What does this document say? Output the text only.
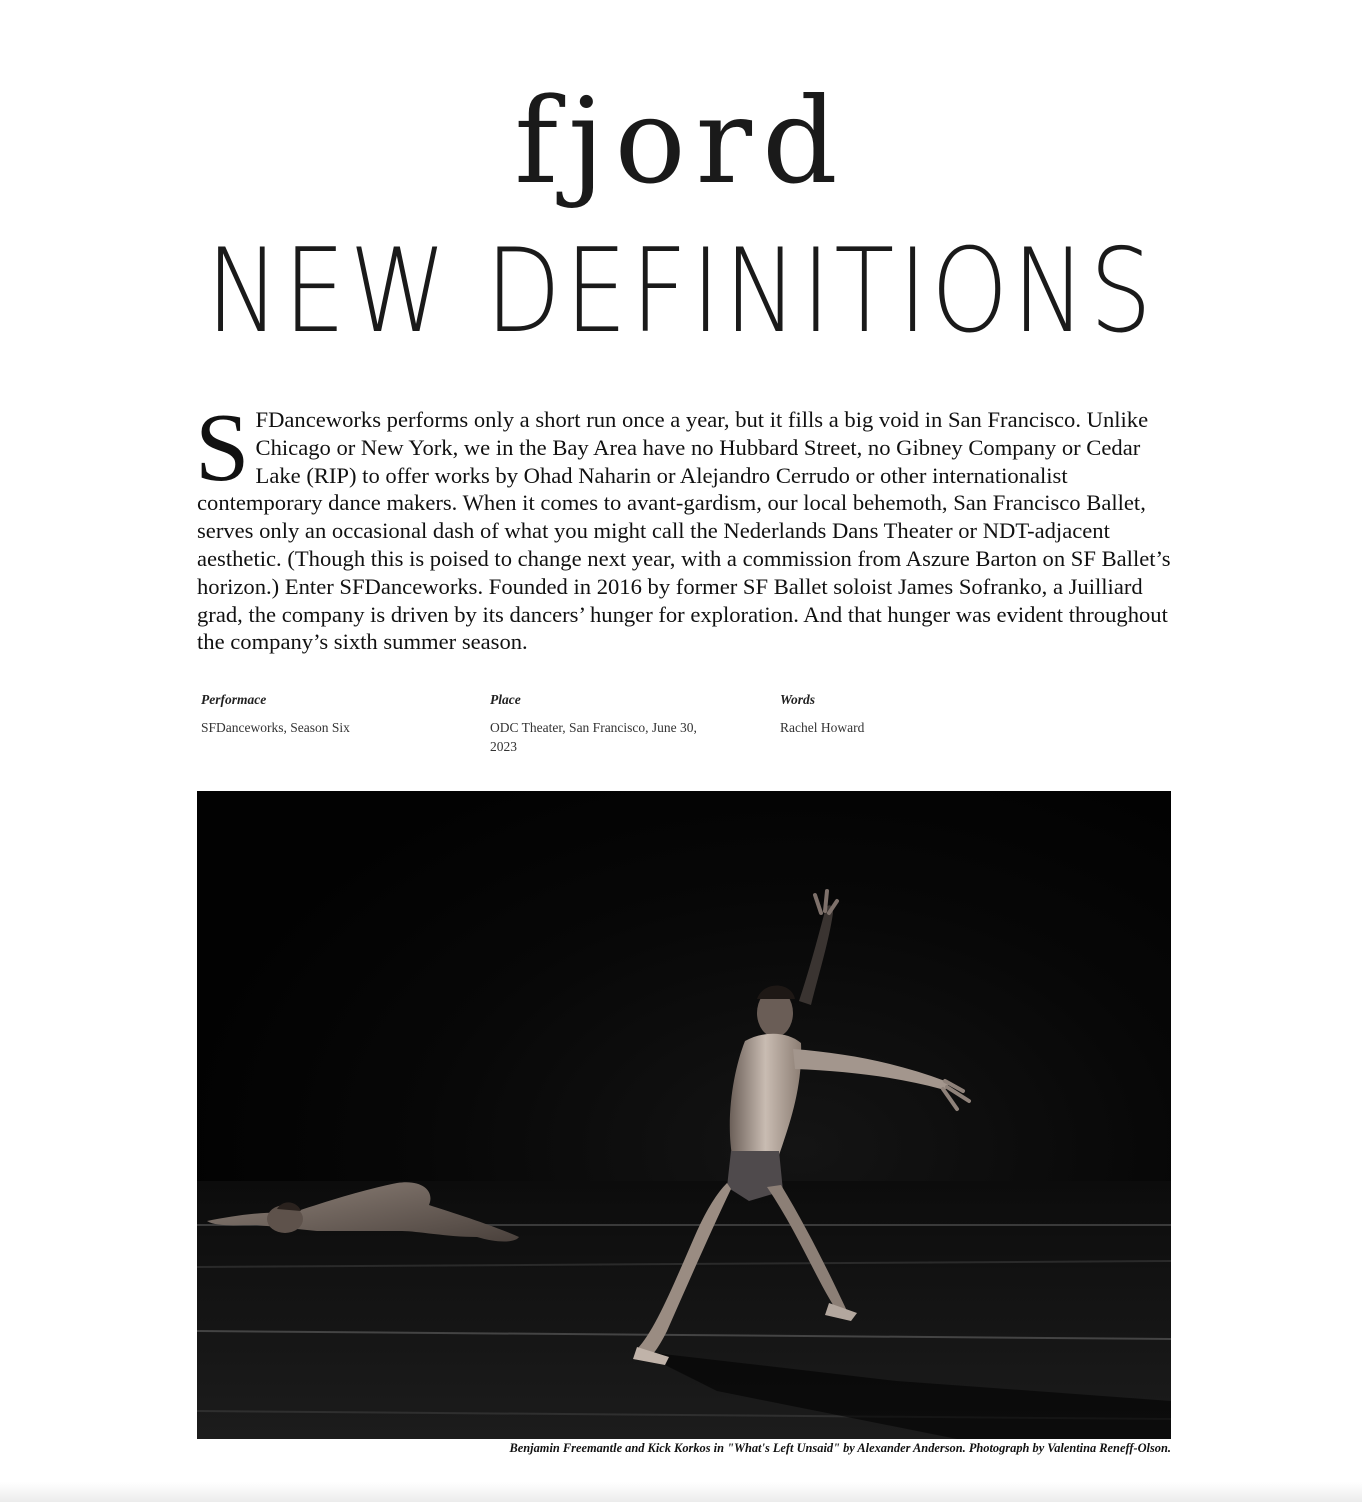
fjord
NEW DEFINITIONS

S FDanceworks performs only a short run once a year, but it fills a big void in San Francisco. Unlike Chicago or New York, we in the Bay Area have no Hubbard Street, no Gibney Company or Cedar Lake (RIP) to offer works by Ohad Naharin or Alejandro Cerrudo or other internationalist contemporary dance makers. When it comes to avant-gardism, our local behemoth, San Francisco Ballet, serves only an occasional dash of what you might call the Nederlands Dans Theater or NDT-adjacent aesthetic. (Though this is poised to change next year, with a commission from Aszure Barton on SF Ballet’s horizon.) Enter SFDanceworks. Founded in 2016 by former SF Ballet soloist James Sofranko, a Juilliard grad, the company is driven by its dancers’ hunger for exploration. And that hunger was evident throughout the company’s sixth summer season.

Performace
SFDanceworks, Season Six
Place
ODC Theater, San Francisco, June 30, 2023
Words
Rachel Howard
Benjamin Freemantle and Kick Korkos in "What's Left Unsaid" by Alexander Anderson. Photograph by Valentina Reneff-Olson.
